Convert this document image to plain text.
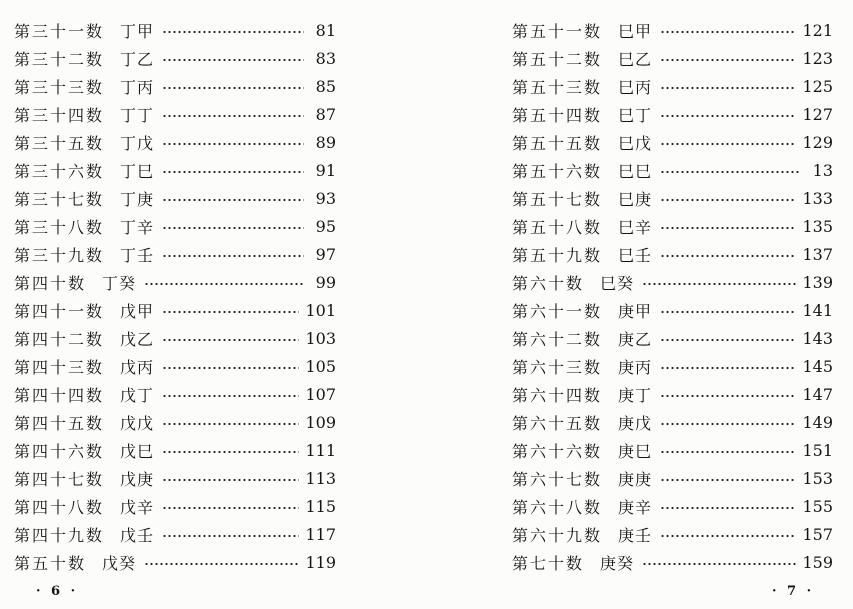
第三十一数 丁甲	81
第三十二数 丁乙	83
第三十三数 丁丙	85
第三十四数 丁丁	87
第三十五数 丁戊	89
第三十六数 丁巳	91
第三十七数 丁庚	93
第三十八数 丁辛	95
第三十九数 丁壬	97
第四十数 丁癸	99
第四十一数 戊甲	101
第四十二数 戊乙	103
第四十三数 戊丙	105
第四十四数 戊丁	107
第四十五数 戊戊	109
第四十六数 戊巳	111
第四十七数 戊庚	113
第四十八数 戊辛	115
第四十九数 戊壬	117
第五十数 戊癸	119
第五十一数 巳甲	121
第五十二数 巳乙	123
第五十三数 巳丙	125
第五十四数 巳丁	127
第五十五数 巳戊	129
第五十六数 巳巳	13
第五十七数 巳庚	133
第五十八数 巳辛	135
第五十九数 巳壬	137
第六十数 巳癸	139
第六十一数 庚甲	141
第六十二数 庚乙	143
第六十三数 庚丙	145
第六十四数 庚丁	147
第六十五数 庚戊	149
第六十六数 庚巳	151
第六十七数 庚庚	153
第六十八数 庚辛	155
第六十九数 庚壬	157
第七十数 庚癸	159
· 6 ·	· 7 ·
